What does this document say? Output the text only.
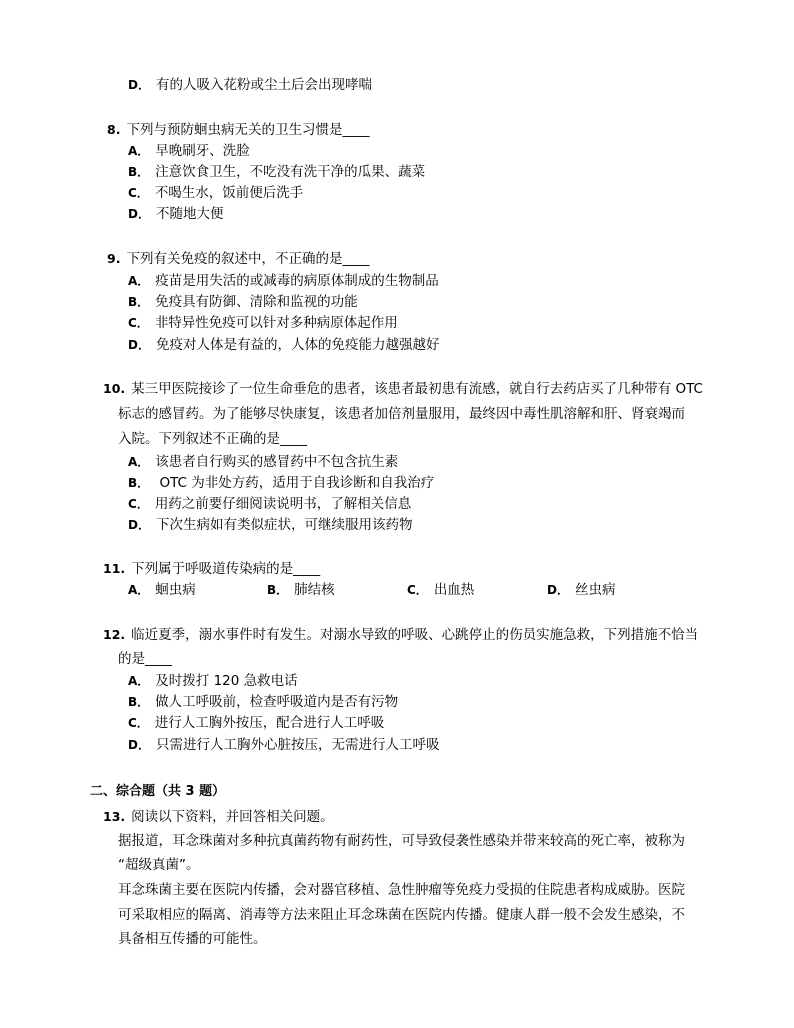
D． 有的人吸入花粉或尘土后会出现哮喘
8. 下列与预防蛔虫病无关的卫生习惯是____
A． 早晚刷牙、洗脸
B． 注意饮食卫生，不吃没有洗干净的瓜果、蔬菜
C． 不喝生水，饭前便后洗手
D． 不随地大便
9. 下列有关免疫的叙述中，不正确的是____
A． 疫苗是用失活的或减毒的病原体制成的生物制品
B． 免疫具有防御、清除和监视的功能
C． 非特异性免疫可以针对多种病原体起作用
D． 免疫对人体是有益的，人体的免疫能力越强越好
10. 某三甲医院接诊了一位生命垂危的患者，该患者最初患有流感，就自行去药店买了几种带有 OTC
标志的感冒药。为了能够尽快康复，该患者加倍剂量服用，最终因中毒性肌溶解和肝、肾衰竭而
入院。下列叙述不正确的是____
A． 该患者自行购买的感冒药中不包含抗生素
B． OTC 为非处方药，适用于自我诊断和自我治疗
C． 用药之前要仔细阅读说明书，了解相关信息
D． 下次生病如有类似症状，可继续服用该药物
11. 下列属于呼吸道传染病的是____
A． 蛔虫病	B． 肺结核	C． 出血热	D． 丝虫病
12. 临近夏季，溺水事件时有发生。对溺水导致的呼吸、心跳停止的伤员实施急救，下列措施不恰当
的是____
A． 及时拨打 120 急救电话
B． 做人工呼吸前，检查呼吸道内是否有污物
C． 进行人工胸外按压，配合进行人工呼吸
D． 只需进行人工胸外心脏按压，无需进行人工呼吸
二、综合题（共 3 题）
13. 阅读以下资料，并回答相关问题。
据报道，耳念珠菌对多种抗真菌药物有耐药性，可导致侵袭性感染并带来较高的死亡率，被称为
“超级真菌”。
耳念珠菌主要在医院内传播，会对器官移植、急性肿瘤等免疫力受损的住院患者构成威胁。医院
可采取相应的隔离、消毒等方法来阻止耳念珠菌在医院内传播。健康人群一般不会发生感染，不
具备相互传播的可能性。
